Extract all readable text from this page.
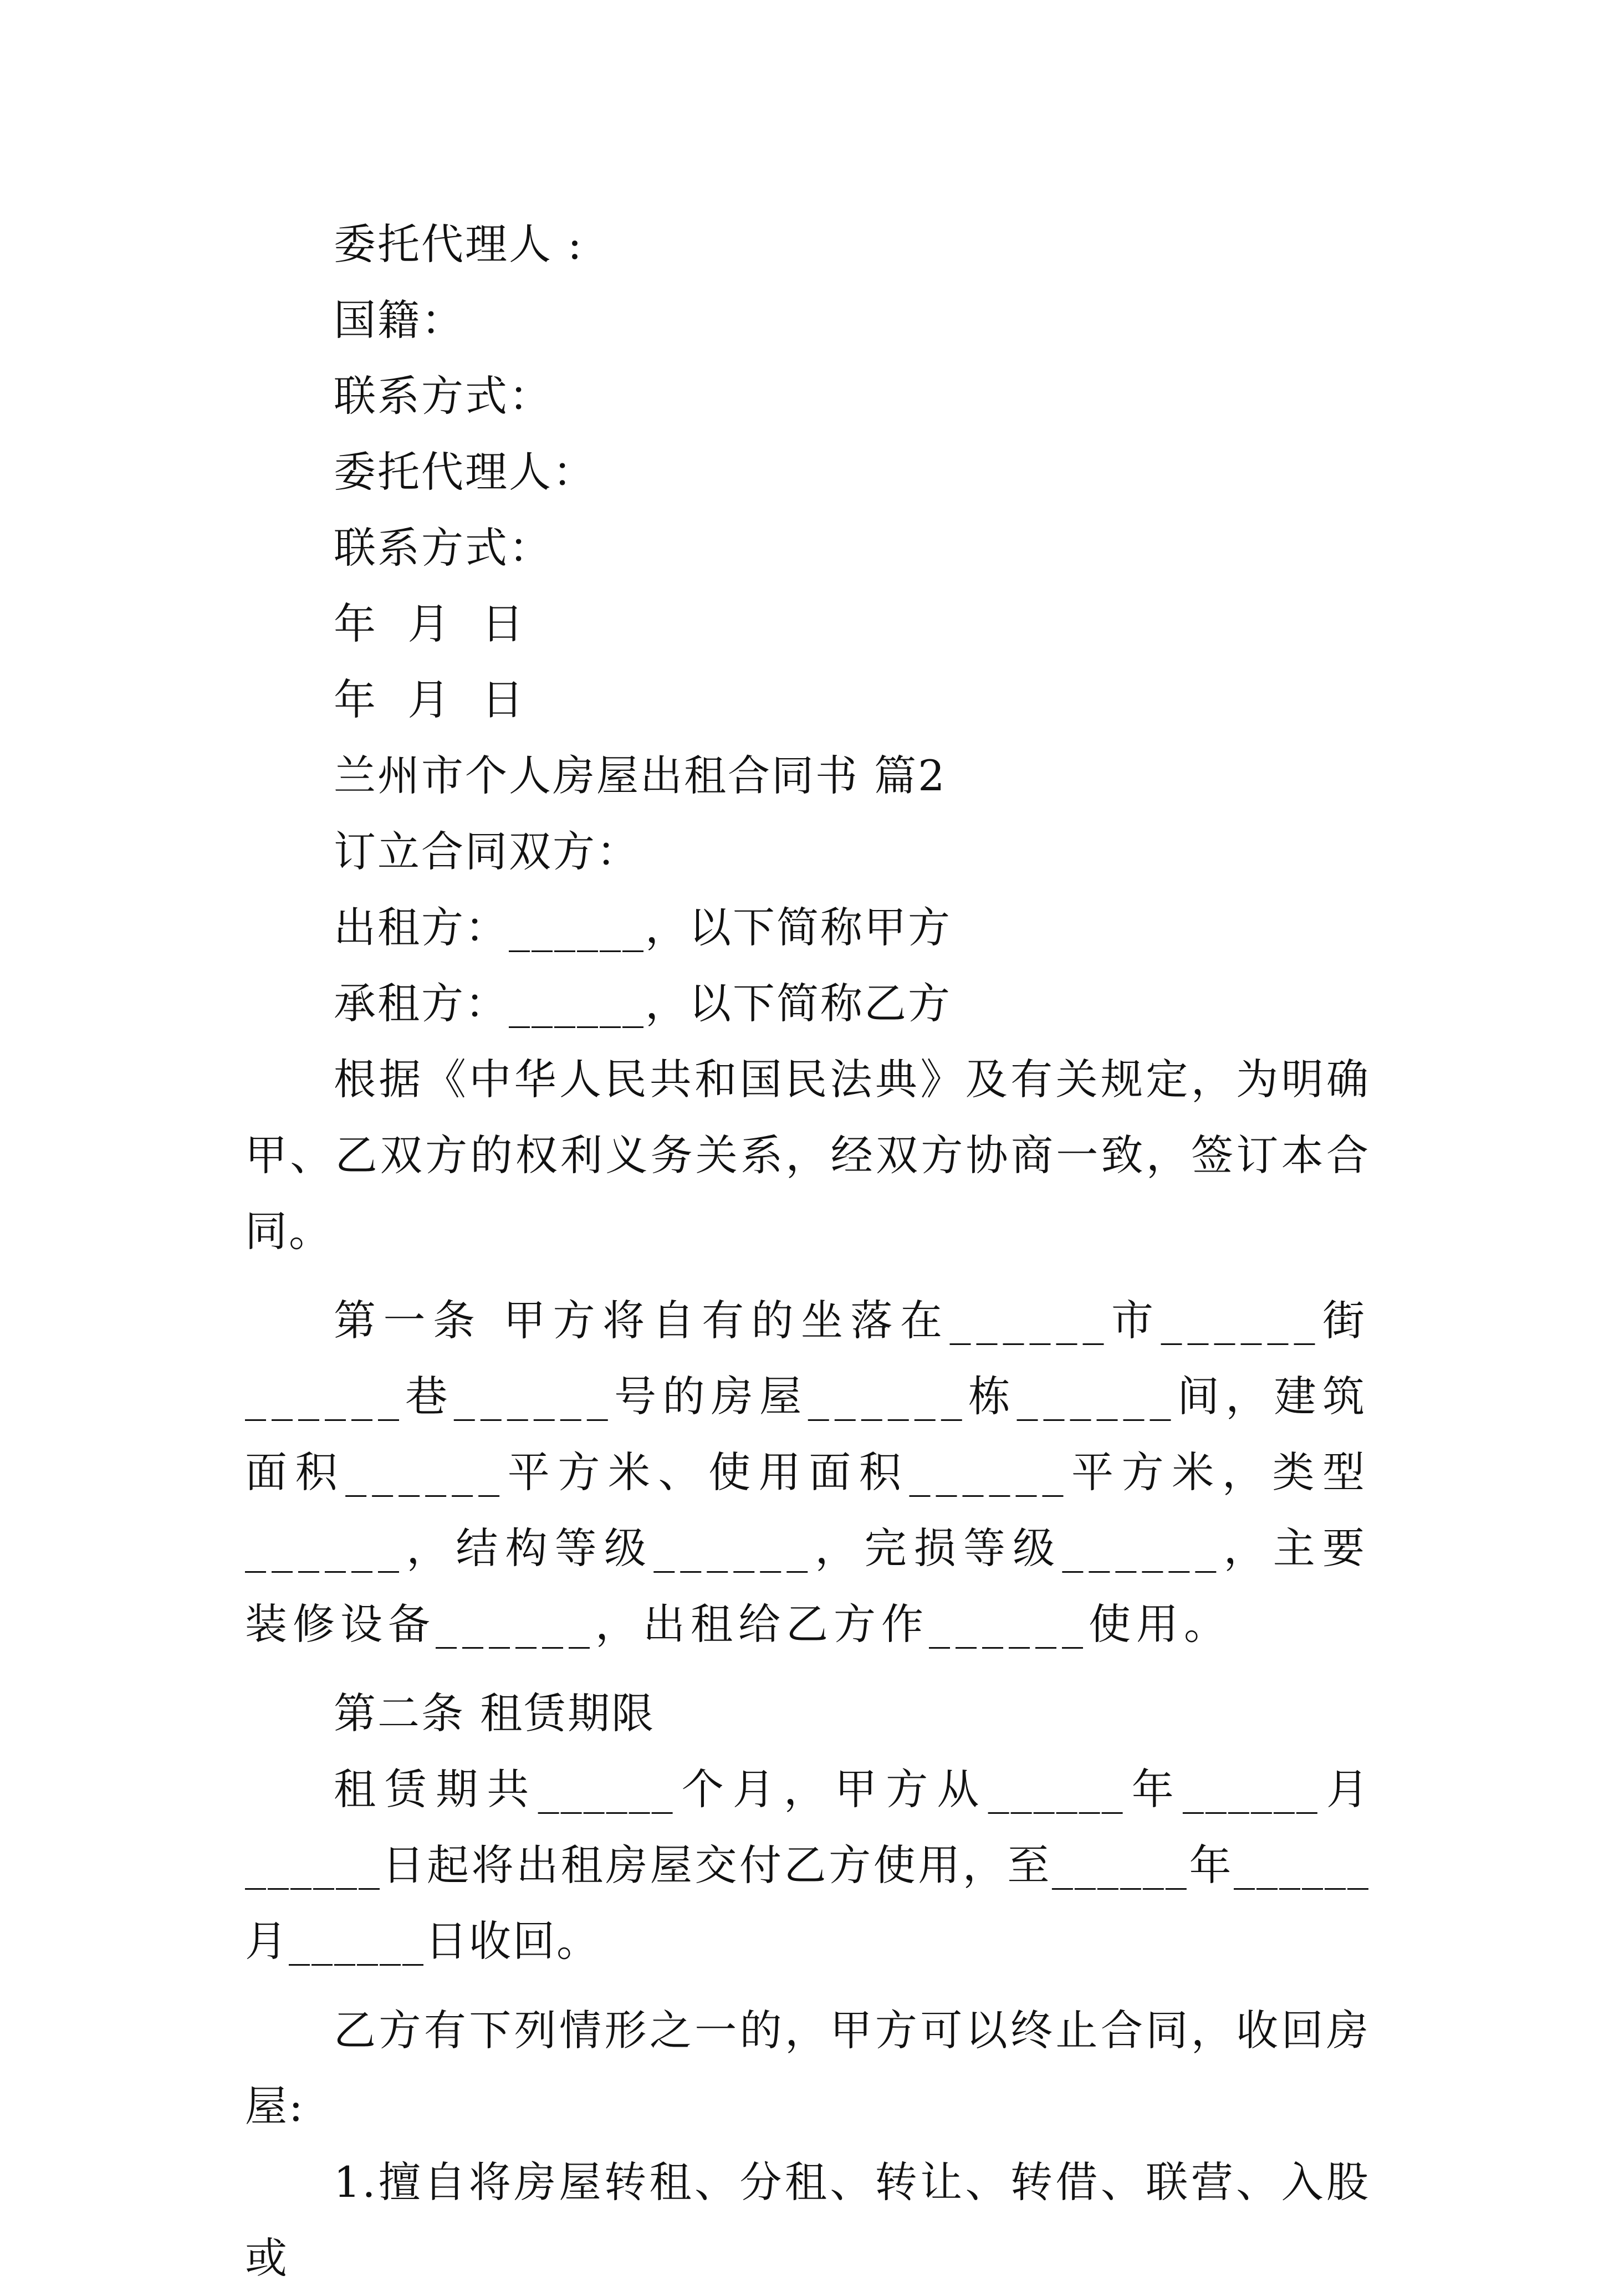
委托代理人 :
国籍：
联系方式：
委托代理人：
联系方式：
年  月  日
年  月  日
兰州市个人房屋出租合同书 篇2
订立合同双方：
出租方：______，以下简称甲方
承租方：______，以下简称乙方
根据《中华人民共和国民法典》及有关规定，为明确甲、乙双方的权利义务关系，经双方协商一致，签订本合同。
第一条 甲方将自有的坐落在______市______街______巷______号的房屋______栋______间，建筑面积______平方米、使用面积______平方米，类型______，结构等级______，完损等级______，主要装修设备______，出租给乙方作______使用。
第二条 租赁期限
租赁期共______个月，甲方从______年______月______日起将出租房屋交付乙方使用，至______年______月______日收回。
乙方有下列情形之一的，甲方可以终止合同，收回房屋:
1.擅自将房屋转租、分租、转让、转借、联营、入股或
